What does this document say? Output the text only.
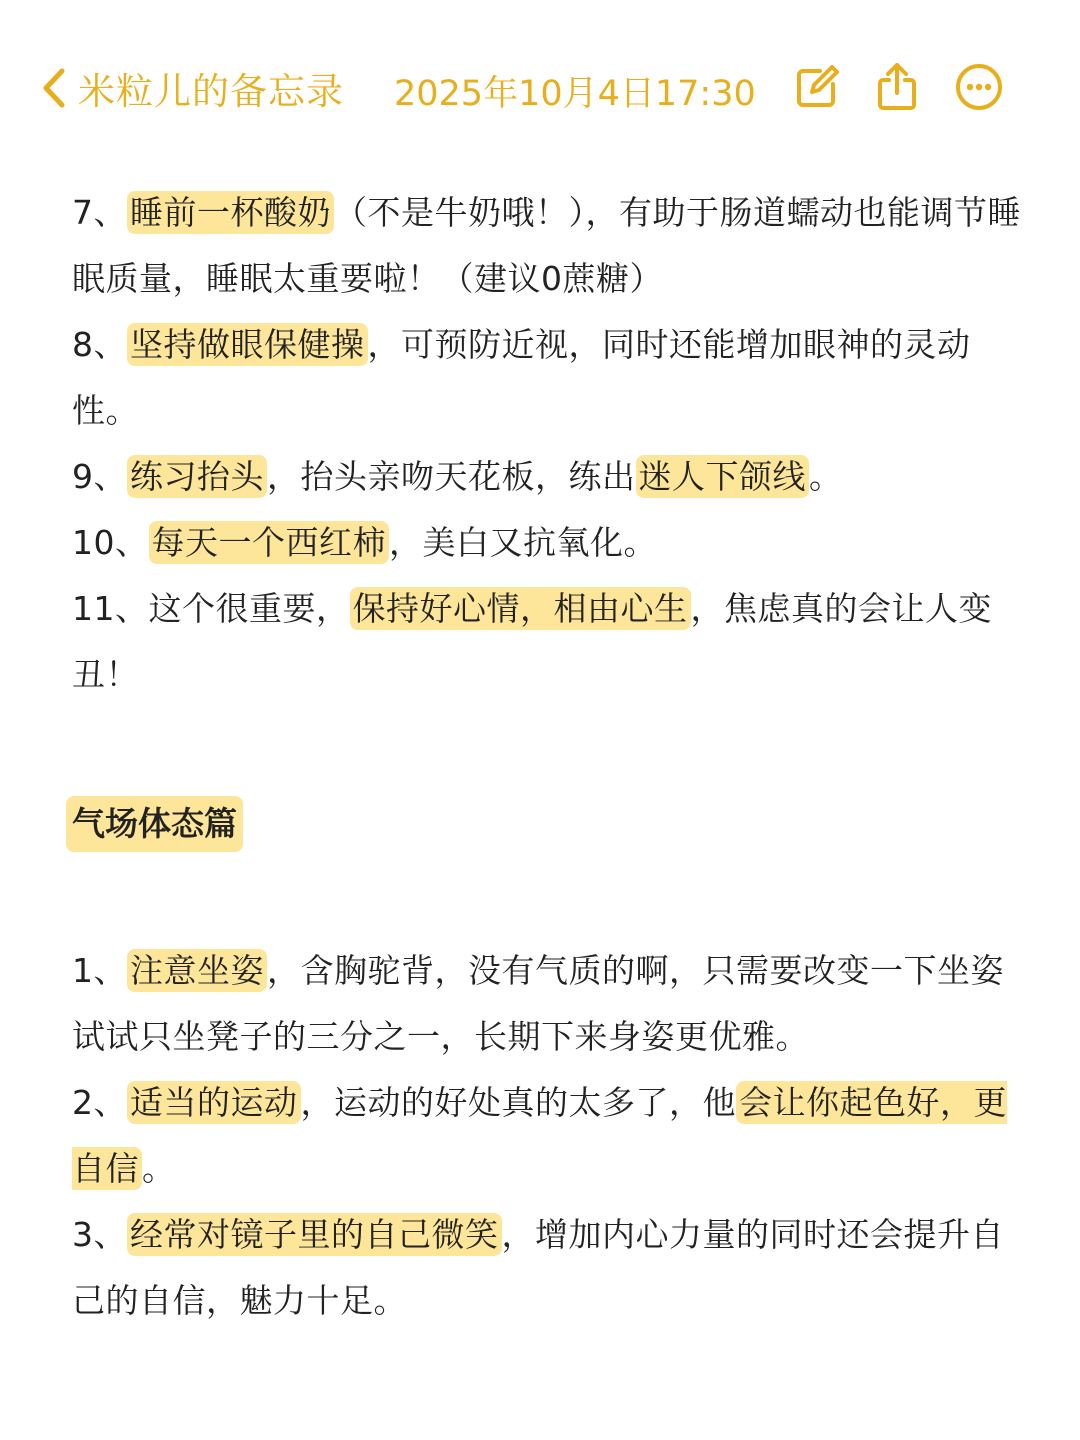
米粒儿的备忘录 2025年10月4日17:30

7、睡前一杯酸奶（不是牛奶哦！），有助于肠道蠕动也能调节睡眠质量，睡眠太重要啦！（建议0蔗糖）

8、坚持做眼保健操，可预防近视，同时还能增加眼神的灵动性。

9、练习抬头，抬头亲吻天花板，练出迷人下颌线。

10、每天一个西红柿，美白又抗氧化。

11、这个很重要，保持好心情，相由心生，焦虑真的会让人变丑！

气场体态篇

1、注意坐姿，含胸驼背，没有气质的啊，只需要改变一下坐姿试试只坐凳子的三分之一，长期下来身姿更优雅。

2、适当的运动，运动的好处真的太多了，他会让你起色好，更自信。

3、经常对镜子里的自己微笑，增加内心力量的同时还会提升自己的自信，魅力十足。
